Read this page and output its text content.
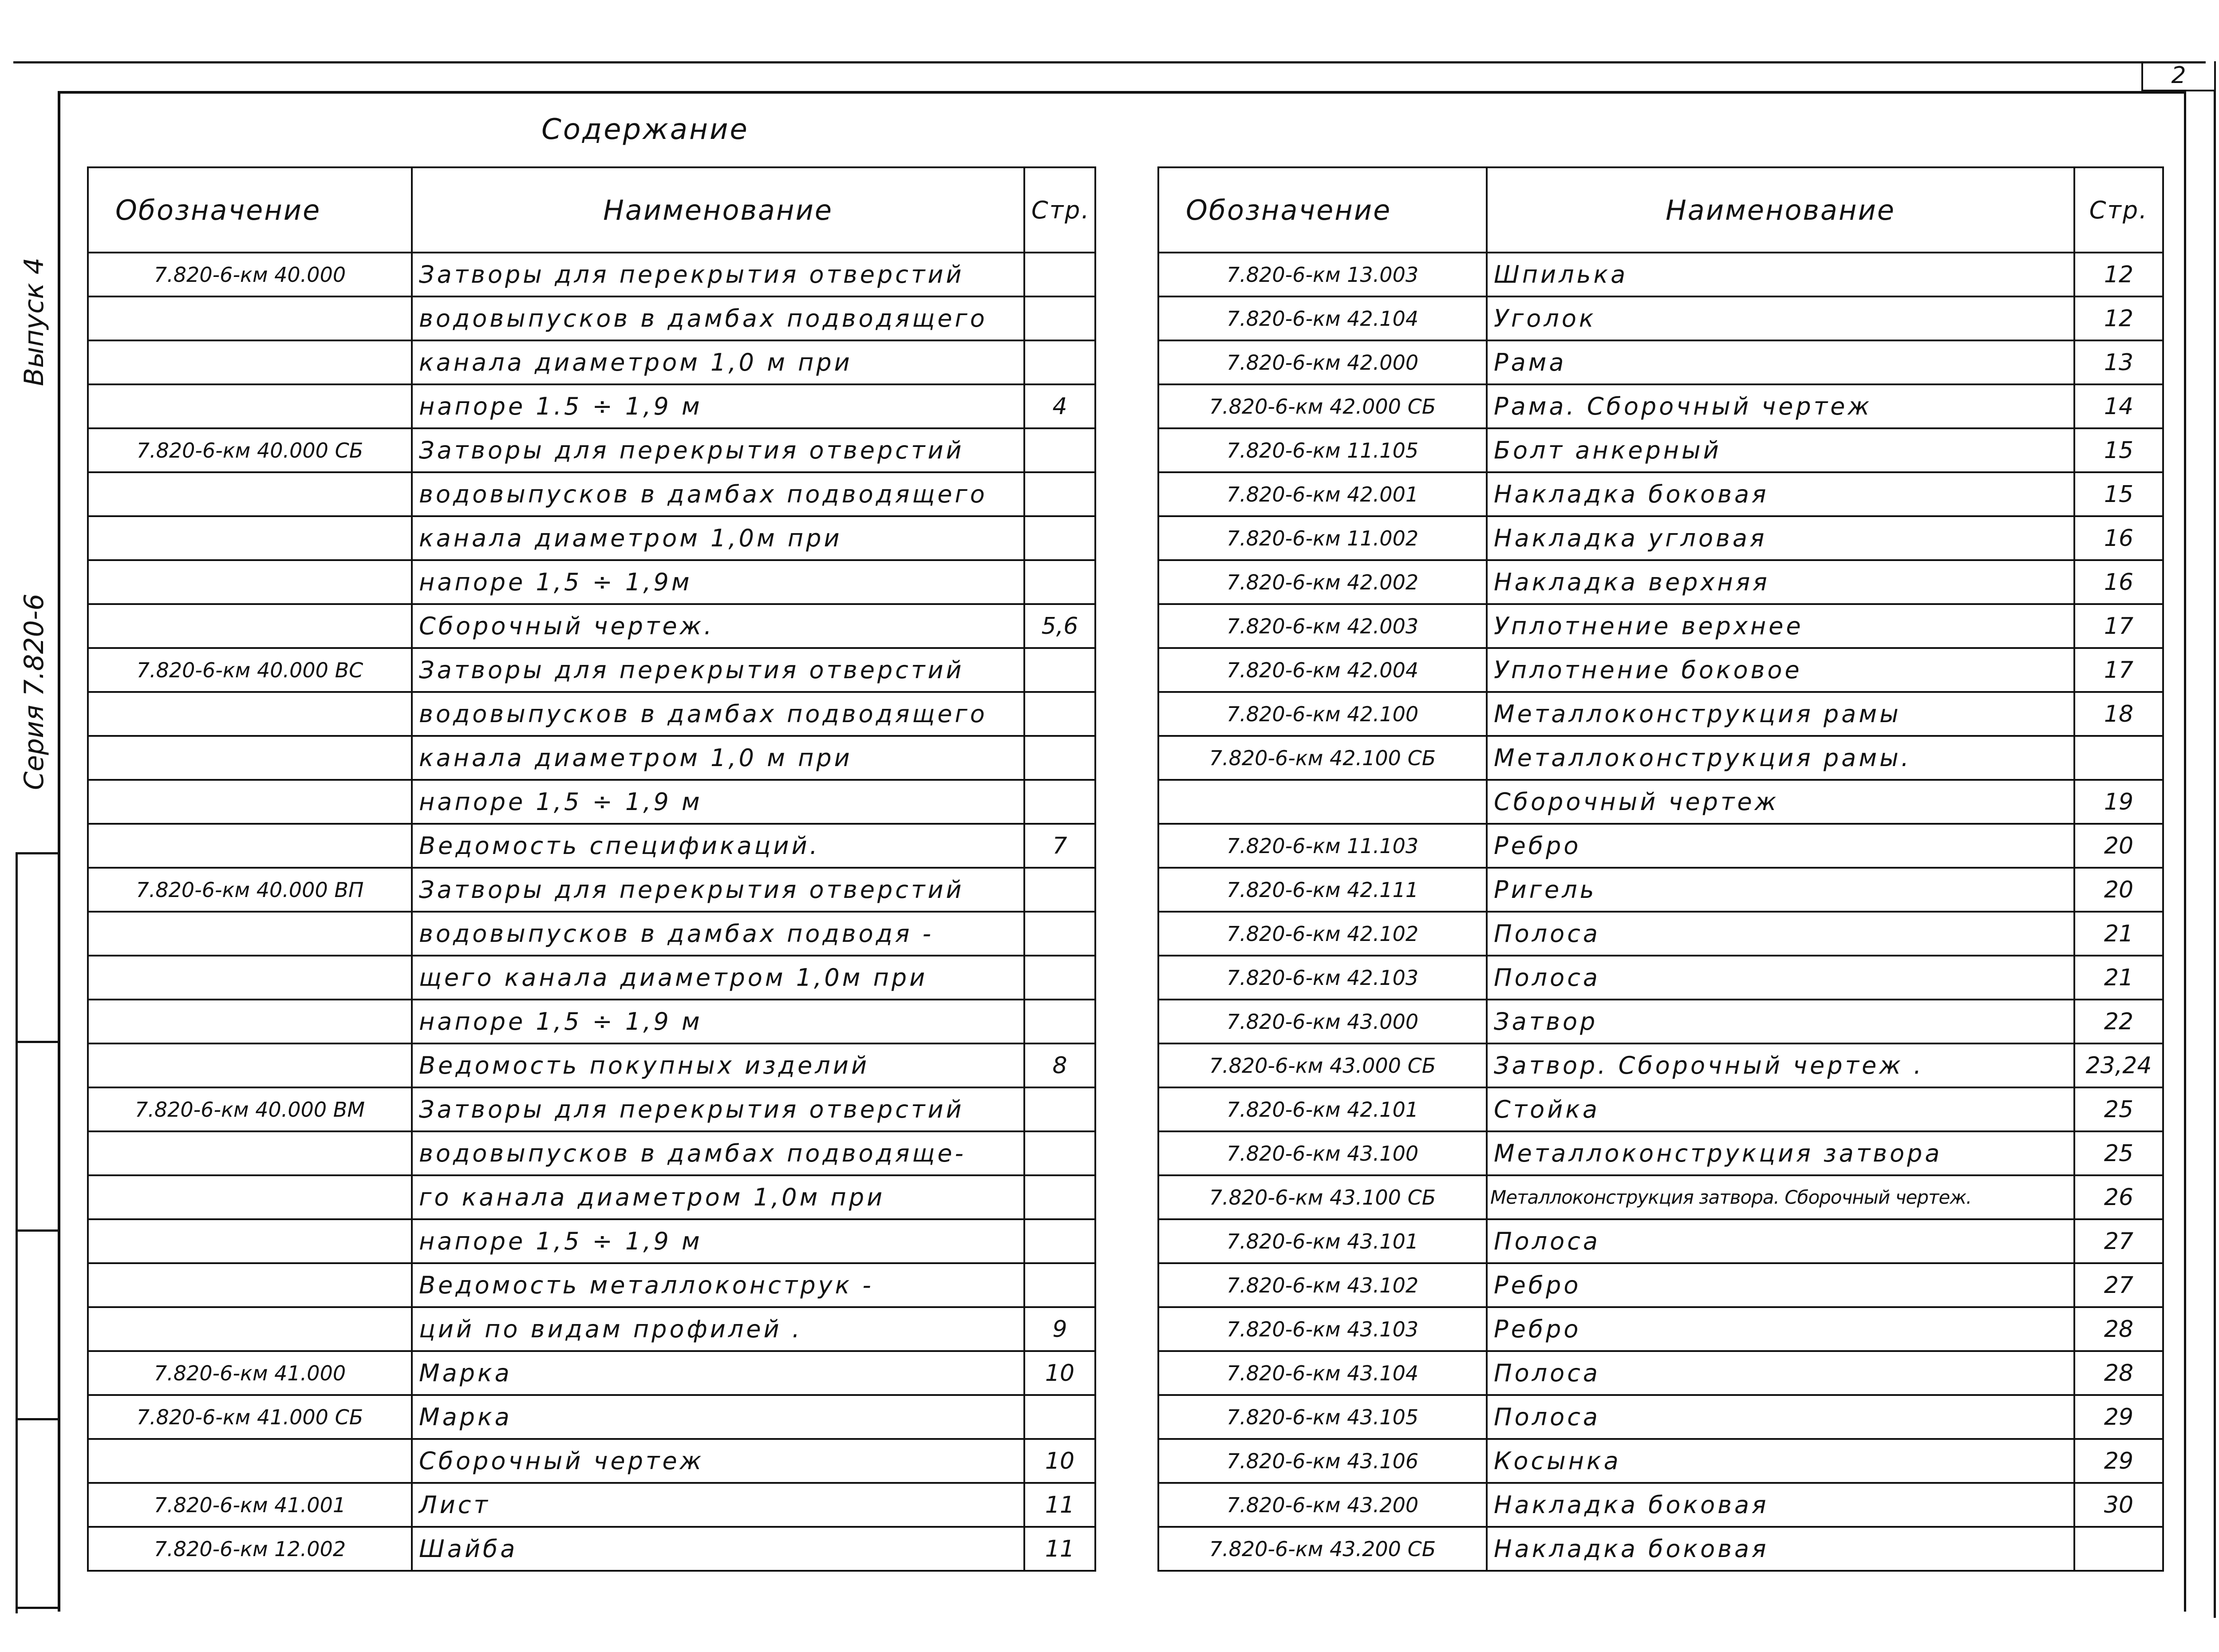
2
Выпуск 4
Серия 7.820-6
Содержание
Обозначение	Наименование	Стр.
7.820-6-км 40.000	Затворы для перекрытия отверстий	
	водовыпусков в дамбах подводящего	
	канала диаметром 1,0 м при	
	напоре 1.5 ÷ 1,9 м	4
7.820-6-км 40.000 СБ	Затворы для перекрытия отверстий	
	водовыпусков в дамбах подводящего	
	канала диаметром 1,0м при	
	напоре 1,5 ÷ 1,9м	
	Сборочный чертеж.	5,6
7.820-6-км 40.000 ВС	Затворы для перекрытия отверстий	
	водовыпусков в дамбах подводящего	
	канала диаметром 1,0 м при	
	напоре 1,5 ÷ 1,9 м	
	Ведомость спецификаций.	7
7.820-6-км 40.000 ВП	Затворы для перекрытия отверстий	
	водовыпусков в дамбах подводя -	
	щего канала диаметром 1,0м при	
	напоре 1,5 ÷ 1,9 м	
	Ведомость покупных изделий	8
7.820-6-км 40.000 ВМ	Затворы для перекрытия отверстий	
	водовыпусков в дамбах подводяще-	
	го канала диаметром 1,0м при	
	напоре 1,5 ÷ 1,9 м	
	Ведомость металлоконструк -	
	ций по видам профилей .	9
7.820-6-км 41.000	Марка	10
7.820-6-км 41.000 СБ	Марка	
	Сборочный чертеж	10
7.820-6-км 41.001	Лист	11
7.820-6-км 12.002	Шайба	11
Обозначение	Наименование	Стр.
7.820-6-км 13.003	Шпилька	12
7.820-6-км 42.104	Уголок	12
7.820-6-км 42.000	Рама	13
7.820-6-км 42.000 СБ	Рама. Сборочный чертеж	14
7.820-6-км 11.105	Болт анкерный	15
7.820-6-км 42.001	Накладка боковая	15
7.820-6-км 11.002	Накладка угловая	16
7.820-6-км 42.002	Накладка верхняя	16
7.820-6-км 42.003	Уплотнение верхнее	17
7.820-6-км 42.004	Уплотнение боковое	17
7.820-6-км 42.100	Металлоконструкция рамы	18
7.820-6-км 42.100 СБ	Металлоконструкция рамы.	
	Сборочный чертеж	19
7.820-6-км 11.103	Ребро	20
7.820-6-км 42.111	Ригель	20
7.820-6-км 42.102	Полоса	21
7.820-6-км 42.103	Полоса	21
7.820-6-км 43.000	Затвор	22
7.820-6-км 43.000 СБ	Затвор. Сборочный чертеж .	23,24
7.820-6-км 42.101	Стойка	25
7.820-6-км 43.100	Металлоконструкция затвора	25
7.820-6-км 43.100 СБ	Металлоконструкция затвора. Сборочный чертеж.	26
7.820-6-км 43.101	Полоса	27
7.820-6-км 43.102	Ребро	27
7.820-6-км 43.103	Ребро	28
7.820-6-км 43.104	Полоса	28
7.820-6-км 43.105	Полоса	29
7.820-6-км 43.106	Косынка	29
7.820-6-км 43.200	Накладка боковая	30
7.820-6-км 43.200 СБ	Накладка боковая	
